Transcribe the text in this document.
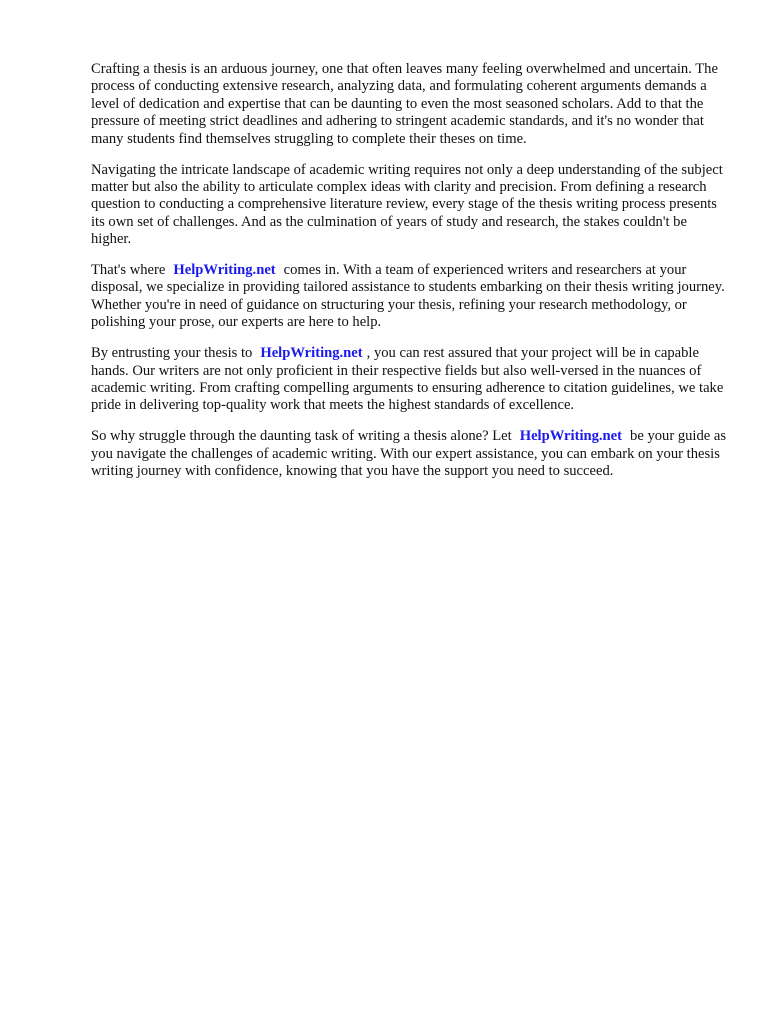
Crafting a thesis is an arduous journey, one that often leaves many feeling overwhelmed and uncertain. The process of conducting extensive research, analyzing data, and formulating coherent arguments demands a level of dedication and expertise that can be daunting to even the most seasoned scholars. Add to that the pressure of meeting strict deadlines and adhering to stringent academic standards, and it's no wonder that many students find themselves struggling to complete their theses on time.

Navigating the intricate landscape of academic writing requires not only a deep understanding of the subject matter but also the ability to articulate complex ideas with clarity and precision. From defining a research question to conducting a comprehensive literature review, every stage of the thesis writing process presents its own set of challenges. And as the culmination of years of study and research, the stakes couldn't be higher.

That's where HelpWriting.net comes in. With a team of experienced writers and researchers at your disposal, we specialize in providing tailored assistance to students embarking on their thesis writing journey. Whether you're in need of guidance on structuring your thesis, refining your research methodology, or polishing your prose, our experts are here to help.

By entrusting your thesis to HelpWriting.net , you can rest assured that your project will be in capable hands. Our writers are not only proficient in their respective fields but also well-versed in the nuances of academic writing. From crafting compelling arguments to ensuring adherence to citation guidelines, we take pride in delivering top-quality work that meets the highest standards of excellence.

So why struggle through the daunting task of writing a thesis alone? Let HelpWriting.net be your guide as you navigate the challenges of academic writing. With our expert assistance, you can embark on your thesis writing journey with confidence, knowing that you have the support you need to succeed.
